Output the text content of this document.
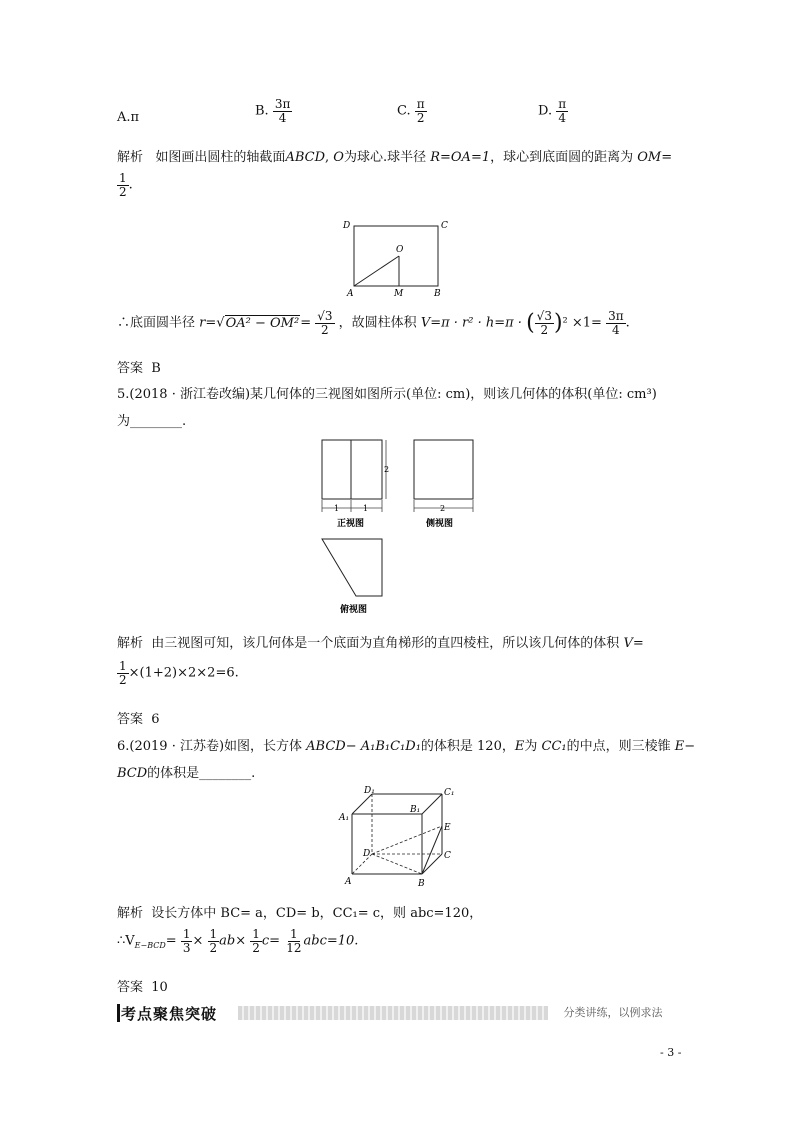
A.π	B. $\frac{3\pi}{4}$	C. $\frac{\pi}{2}$	D. $\frac{\pi}{4}$
解析 如图画出圆柱的轴截面ABCD, O为球心.球半径 R=OA=1，球心到底面圆的距离为 OM=
$\frac{1}{2}$ .
D	C
O
A	M	B
∴底面圆半径 $r=√OA^2 - OM^2= \frac{√3}{2}$ ，故圆柱体积 V=π · r² · h=π · ( $\frac{√3}{2} )^2 \times 1= \frac{3\pi}{4}$ .
答案 B
5.(2018 · 浙江卷改编)某几何体的三视图如图所示(单位: cm)，则该几何体的体积(单位: cm³)
为________.
1	1
2
2
正视图	侧视图
俯视图
解析 由三视图可知，该几何体是一个底面为直角梯形的直四棱柱，所以该几何体的体积 V=
$\frac{1}{2} \times(1+2)\times 2\times 2=6$.
答案 6
6.(2019 · 江苏卷)如图，长方体 ABCD− A₁B₁C₁D₁的体积是 120，E为 CC₁的中点，则三棱锥 E−
BCD的体积是________.
D₁	C₁
A₁
B₁
E
D	C
A	B
解析 设长方体中 BC= a，CD= b，CC₁= c，则 abc=120，
$\therefore V_{E-BCD}= \frac{1}{3} \times \frac{1}{2} ab\times \frac{1}{2} c= \frac{1}{12} abc=10$.
答案 10
考点聚焦突破	分类讲练，以例求法
- 3 -
